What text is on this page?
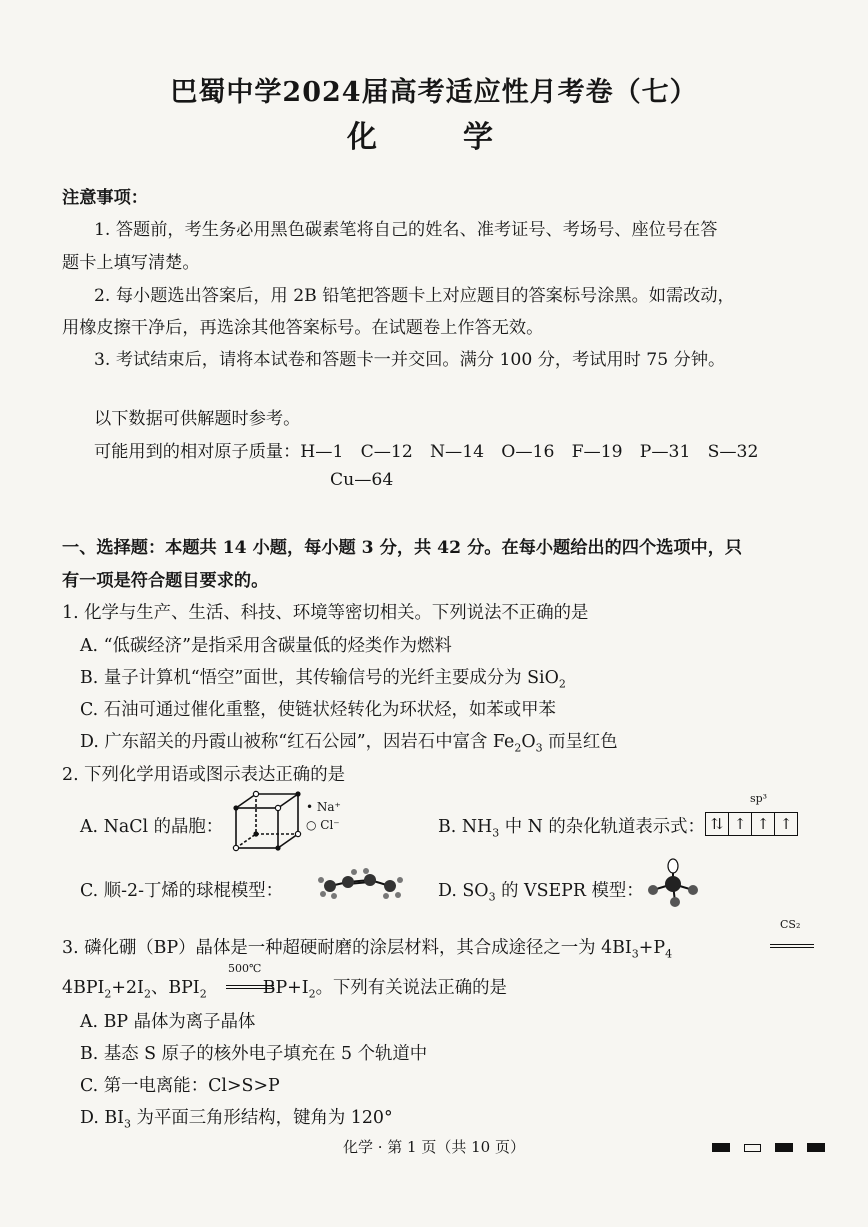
巴蜀中学2024届高考适应性月考卷（七）
化　学
注意事项：
1. 答题前，考生务必用黑色碳素笔将自己的姓名、准考证号、考场号、座位号在答
题卡上填写清楚。
2. 每小题选出答案后，用 2B 铅笔把答题卡上对应题目的答案标号涂黑。如需改动，
用橡皮擦干净后，再选涂其他答案标号。在试题卷上作答无效。
3. 考试结束后，请将本试卷和答题卡一并交回。满分 100 分，考试用时 75 分钟。
以下数据可供解题时参考。
可能用到的相对原子质量：H—1　C—12　N—14　O—16　F—19　P—31　S—32
Cu—64
一、选择题：本题共 14 小题，每小题 3 分，共 42 分。在每小题给出的四个选项中，只
有一项是符合题目要求的。
1. 化学与生产、生活、科技、环境等密切相关。下列说法不正确的是
A. “低碳经济”是指采用含碳量低的烃类作为燃料
B. 量子计算机“悟空”面世，其传输信号的光纤主要成分为 SiO$_2$
C. 石油可通过催化重整，使链状烃转化为环状烃，如苯或甲苯
D. 广东韶关的丹霞山被称“红石公园”，因岩石中富含 $Fe_2O_3$ 而呈红色
2. 下列化学用语或图示表达正确的是
A. NaCl 的晶胞：
• Na⁺
○ Cl⁻	B. $NH_3$ 中 N 的杂化轨道表示式：
sp³
⇅ ↑ ↑ ↑
C. 顺-2-丁烯的球棍模型：	D. $SO_3$ 的 VSEPR 模型：
3. 磷化硼（BP）晶体是一种超硬耐磨的涂层材料，其合成途径之一为 $4BI_3+P_4$
CS₂
$4BPI_2+2I_2$、$BPI_2$	$BP+I_2$。下列有关说法正确的是
500℃
A. BP 晶体为离子晶体
B. 基态 S 原子的核外电子填充在 5 个轨道中
C. 第一电离能：Cl>S>P
D. $BI_3$ 为平面三角形结构，键角为 120°
化学 · 第 1 页（共 10 页）
